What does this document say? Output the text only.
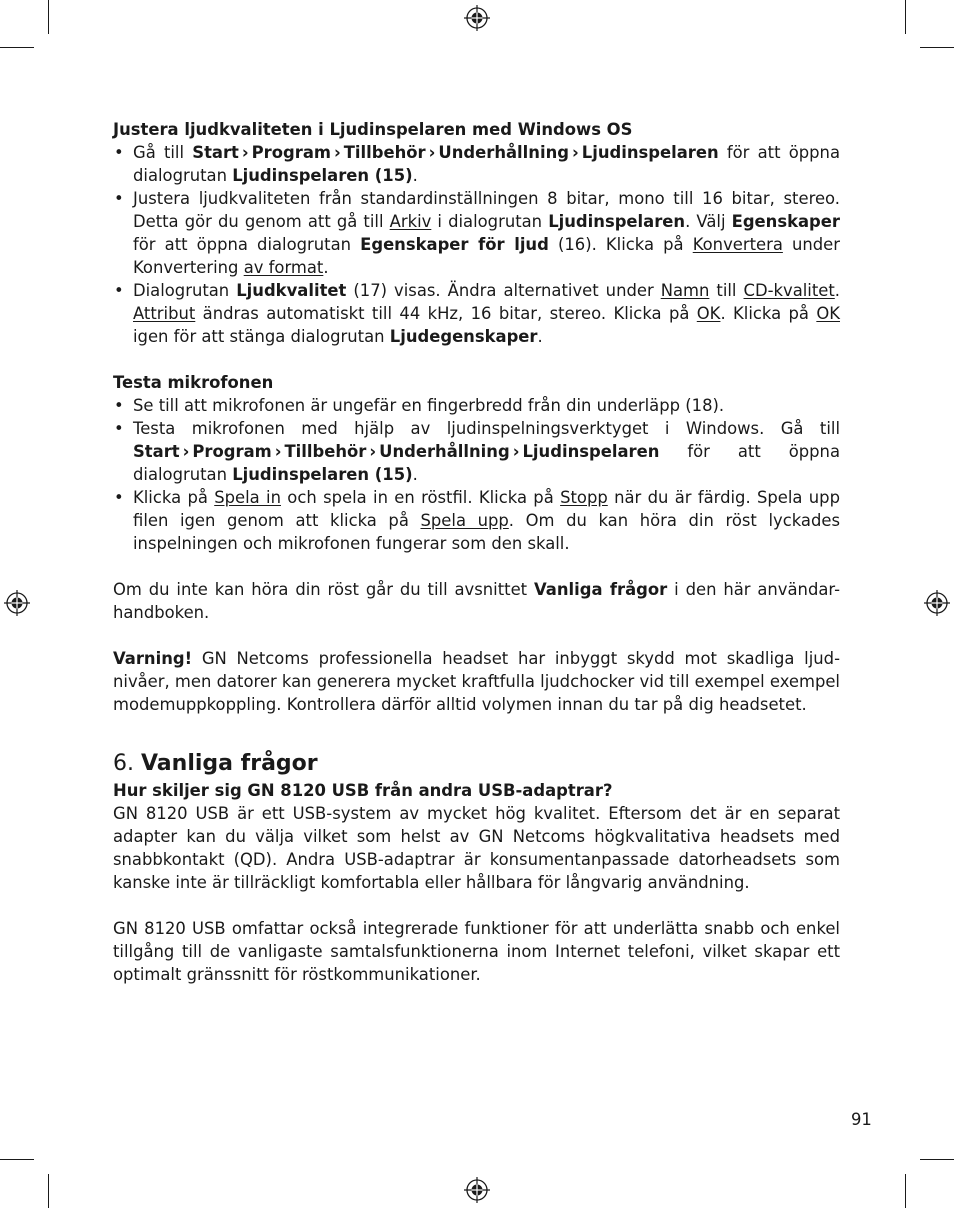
Justera ljudkvaliteten i Ljudinspelaren med Windows OS
• Gå till Start › Program › Tillbehör › Underhållning › Ljudinspelaren för att öppna dialogrutan Ljudinspelaren (15).
• Justera ljudkvaliteten från standardinställningen 8 bitar, mono till 16 bitar, stereo. Detta gör du genom att gå till Arkiv i dialogrutan Ljudinspelaren. Välj Egenskaper för att öppna dialogrutan Egenskaper för ljud (16). Klicka på Konvertera under Konvertering av format.
• Dialogrutan Ljudkvalitet (17) visas. Ändra alternativet under Namn till CD-kvalitet. Attribut ändras automatiskt till 44 kHz, 16 bitar, stereo. Klicka på OK. Klicka på OK igen för att stänga dialogrutan Ljudegenskaper.
Testa mikrofonen
• Se till att mikrofonen är ungefär en fingerbredd från din underläpp (18).
• Testa mikrofonen med hjälp av ljudinspelningsverktyget i Windows. Gå till Start › Program › Tillbehör › Underhållning › Ljudinspelaren för att öppna dialogrutan Ljudinspelaren (15).
• Klicka på Spela in och spela in en röstfil. Klicka på Stopp när du är färdig. Spela upp filen igen genom att klicka på Spela upp. Om du kan höra din röst lyckades inspelningen och mikrofonen fungerar som den skall.

Om du inte kan höra din röst går du till avsnittet Vanliga frågor i den här användar-handboken.

Varning! GN Netcoms professionella headset har inbyggt skydd mot skadliga ljud-nivåer, men datorer kan generera mycket kraftfulla ljudchocker vid till exempel exempel modemuppkoppling. Kontrollera därför alltid volymen innan du tar på dig headsetet.

6. Vanliga frågor
Hur skiljer sig GN 8120 USB från andra USB-adaptrar?

GN 8120 USB är ett USB-system av mycket hög kvalitet. Eftersom det är en separat adapter kan du välja vilket som helst av GN Netcoms högkvalitativa headsets med snabbkontakt (QD). Andra USB-adaptrar är konsumentanpassade datorheadsets som kanske inte är tillräckligt komfortabla eller hållbara för långvarig användning.

GN 8120 USB omfattar också integrerade funktioner för att underlätta snabb och enkel tillgång till de vanligaste samtalsfunktionerna inom Internet telefoni, vilket skapar ett optimalt gränssnitt för röstkommunikationer.

91
